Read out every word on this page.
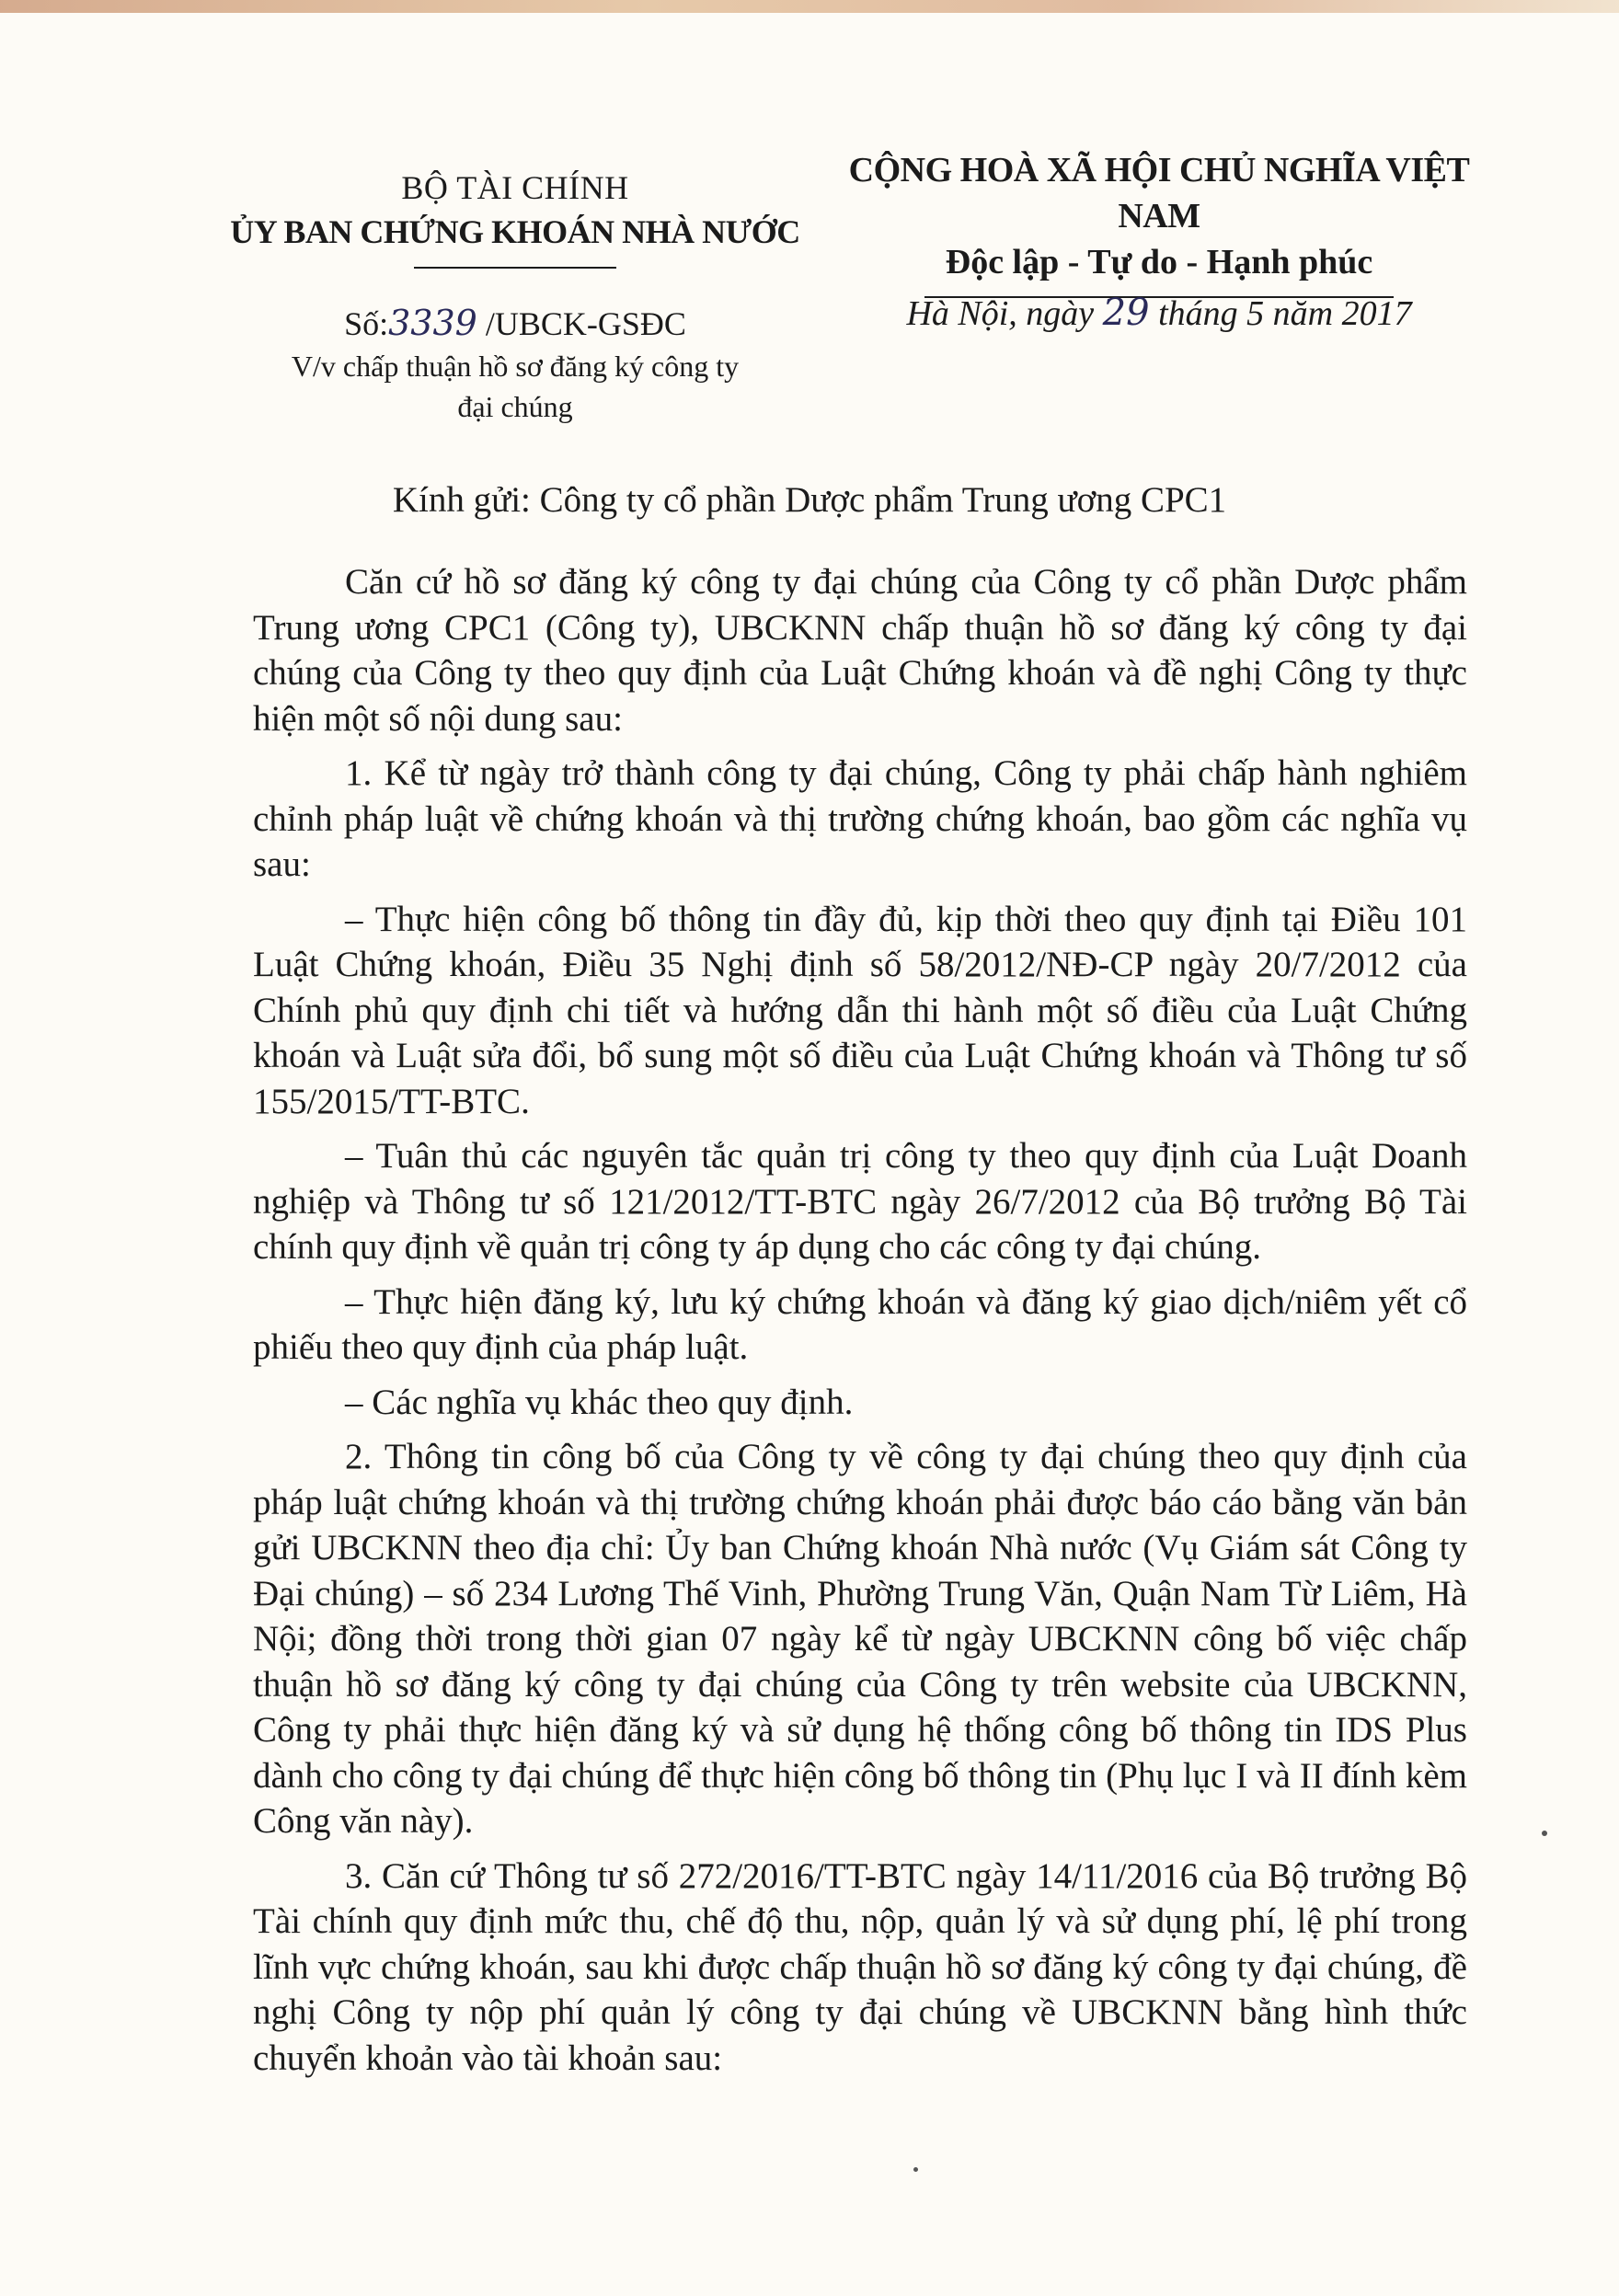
BỘ TÀI CHÍNH
ỦY BAN CHỨNG KHOÁN NHÀ NƯỚC
CỘNG HOÀ XÃ HỘI CHỦ NGHĨA VIỆT NAM
Độc lập - Tự do - Hạnh phúc
Số:3339 /UBCK-GSĐC
V/v chấp thuận hồ sơ đăng ký công ty
đại chúng
Hà Nội, ngày 29 tháng 5 năm 2017
Kính gửi: Công ty cổ phần Dược phẩm Trung ương CPC1

Căn cứ hồ sơ đăng ký công ty đại chúng của Công ty cổ phần Dược phẩm Trung ương CPC1 (Công ty), UBCKNN chấp thuận hồ sơ đăng ký công ty đại chúng của Công ty theo quy định của Luật Chứng khoán và đề nghị Công ty thực hiện một số nội dung sau:

1. Kể từ ngày trở thành công ty đại chúng, Công ty phải chấp hành nghiêm chỉnh pháp luật về chứng khoán và thị trường chứng khoán, bao gồm các nghĩa vụ sau:

– Thực hiện công bố thông tin đầy đủ, kịp thời theo quy định tại Điều 101 Luật Chứng khoán, Điều 35 Nghị định số 58/2012/NĐ-CP ngày 20/7/2012 của Chính phủ quy định chi tiết và hướng dẫn thi hành một số điều của Luật Chứng khoán và Luật sửa đổi, bổ sung một số điều của Luật Chứng khoán và Thông tư số 155/2015/TT-BTC.

– Tuân thủ các nguyên tắc quản trị công ty theo quy định của Luật Doanh nghiệp và Thông tư số 121/2012/TT-BTC ngày 26/7/2012 của Bộ trưởng Bộ Tài chính quy định về quản trị công ty áp dụng cho các công ty đại chúng.

– Thực hiện đăng ký, lưu ký chứng khoán và đăng ký giao dịch/niêm yết cổ phiếu theo quy định của pháp luật.

– Các nghĩa vụ khác theo quy định.

2. Thông tin công bố của Công ty về công ty đại chúng theo quy định của pháp luật chứng khoán và thị trường chứng khoán phải được báo cáo bằng văn bản gửi UBCKNN theo địa chỉ: Ủy ban Chứng khoán Nhà nước (Vụ Giám sát Công ty Đại chúng) – số 234 Lương Thế Vinh, Phường Trung Văn, Quận Nam Từ Liêm, Hà Nội; đồng thời trong thời gian 07 ngày kể từ ngày UBCKNN công bố việc chấp thuận hồ sơ đăng ký công ty đại chúng của Công ty trên website của UBCKNN, Công ty phải thực hiện đăng ký và sử dụng hệ thống công bố thông tin IDS Plus dành cho công ty đại chúng để thực hiện công bố thông tin (Phụ lục I và II đính kèm Công văn này).

3. Căn cứ Thông tư số 272/2016/TT-BTC ngày 14/11/2016 của Bộ trưởng Bộ Tài chính quy định mức thu, chế độ thu, nộp, quản lý và sử dụng phí, lệ phí trong lĩnh vực chứng khoán, sau khi được chấp thuận hồ sơ đăng ký công ty đại chúng, đề nghị Công ty nộp phí quản lý công ty đại chúng về UBCKNN bằng hình thức chuyển khoản vào tài khoản sau:
